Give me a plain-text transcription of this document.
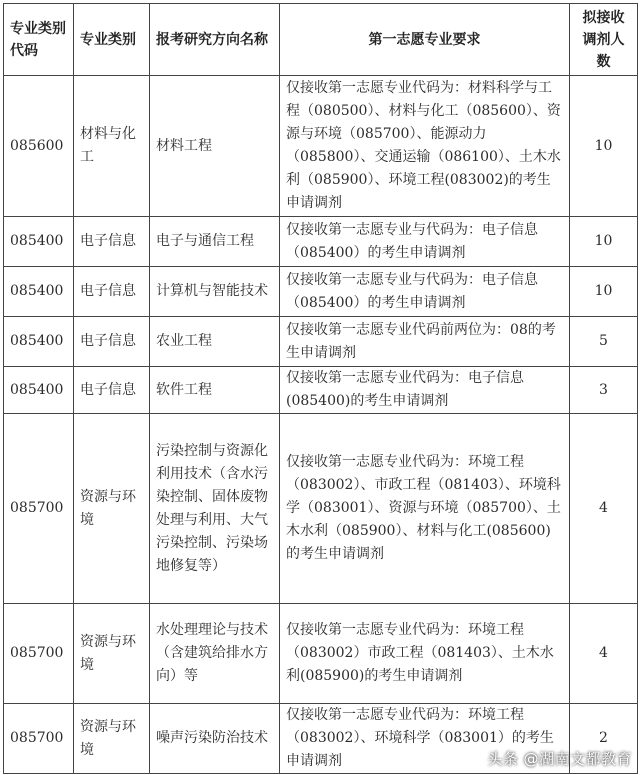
专业类别代码	专业类别	报考研究方向名称	第一志愿专业要求	拟接收调剂人数
085600	材料与化工	材料工程	仅接收第一志愿专业代码为：材料科学与工程（080500）、材料与化工（085600）、资源与环境（085700）、能源动力（085800）、交通运输（086100）、土木水利（085900）、环境工程(083002)的考生申请调剂	10
085400	电子信息	电子与通信工程	仅接收第一志愿专业与代码为：电子信息（085400）的考生申请调剂	10
085400	电子信息	计算机与智能技术	仅接收第一志愿专业与代码为：电子信息（085400）的考生申请调剂	10
085400	电子信息	农业工程	仅接收第一志愿专业代码前两位为：08的考生申请调剂	5
085400	电子信息	软件工程	仅接收第一志愿专业代码为：电子信息(085400)的考生申请调剂	3
085700	资源与环境	污染控制与资源化利用技术（含水污染控制、固体废物处理与利用、大气污染控制、污染场地修复等）	仅接收第一志愿专业代码为：环境工程（083002）、市政工程（081403）、环境科学（083001）、资源与环境（085700）、土木水利（085900）、材料与化工(085600)的考生申请调剂	4
085700	资源与环境	水处理理论与技术（含建筑给排水方向）等	仅接收第一志愿专业代码为：环境工程（083002）市政工程（081403）、土木水利(085900)的考生申请调剂	4
085700	资源与环境	噪声污染防治技术	仅接收第一志愿专业代码为：环境工程（083002）、环境科学（083001）的考生申请调剂	2
头条 @湖南文都教育
